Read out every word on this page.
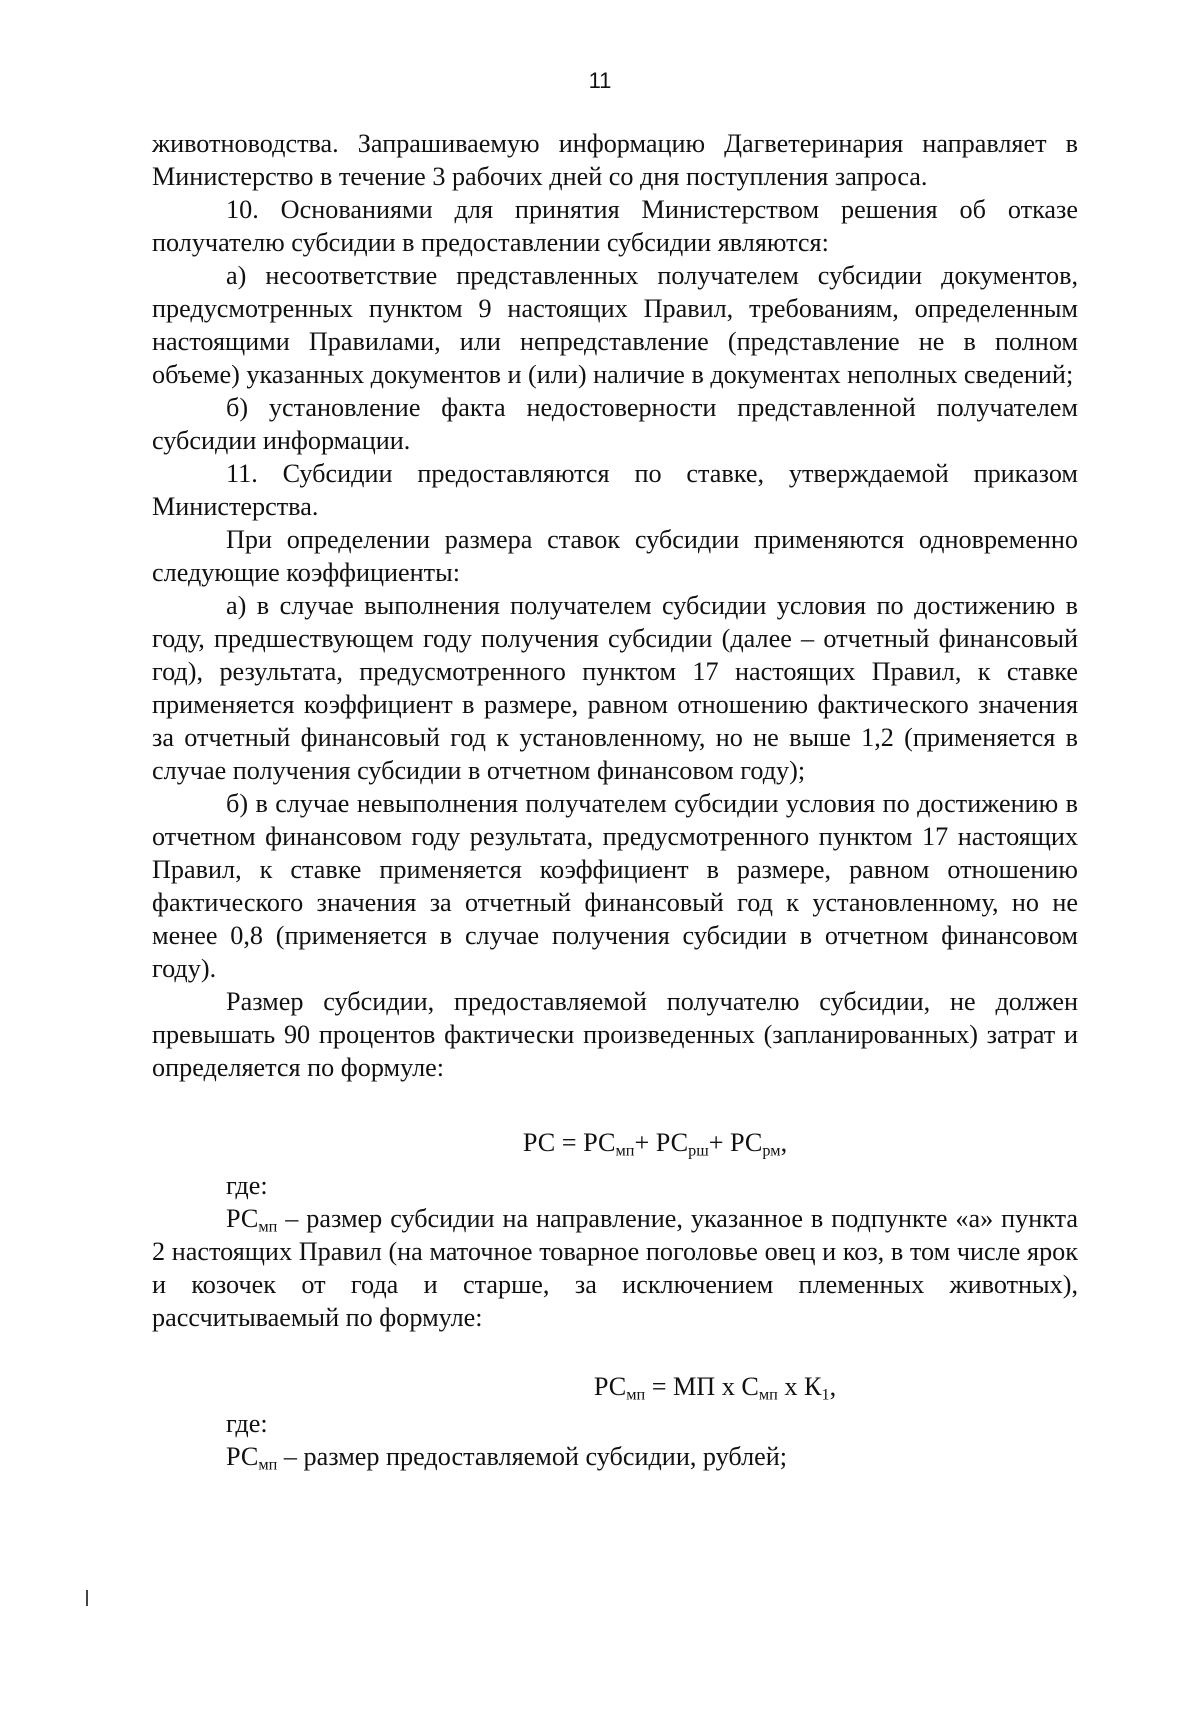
11

животноводства. Запрашиваемую информацию Дагветеринария направляет в Министерство в течение 3 рабочих дней со дня поступления запроса.

10. Основаниями для принятия Министерством решения об отказе получателю субсидии в предоставлении субсидии являются:

а) несоответствие представленных получателем субсидии документов, предусмотренных пунктом 9 настоящих Правил, требованиям, определенным настоящими Правилами, или непредставление (представление не в полном объеме) указанных документов и (или) наличие в документах неполных сведений;

б) установление факта недостоверности представленной получателем субсидии информации.

11. Субсидии предоставляются по ставке, утверждаемой приказом Министерства.

При определении размера ставок субсидии применяются одновременно следующие коэффициенты:

а) в случае выполнения получателем субсидии условия по достижению в году, предшествующем году получения субсидии (далее – отчетный финансовый год), результата, предусмотренного пунктом 17 настоящих Правил, к ставке применяется коэффициент в размере, равном отношению фактического значения за отчетный финансовый год к установленному, но не выше 1,2 (применяется в случае получения субсидии в отчетном финансовом году);

б) в случае невыполнения получателем субсидии условия по достижению в отчетном финансовом году результата, предусмотренного пунктом 17 настоящих Правил, к ставке применяется коэффициент в размере, равном отношению фактического значения за отчетный финансовый год к установленному, но не менее 0,8 (применяется в случае получения субсидии в отчетном финансовом году).

Размер субсидии, предоставляемой получателю субсидии, не должен превышать 90 процентов фактически произведенных (запланированных) затрат и определяется по формуле:

РС = $РС_{мп}+ РС_{рш}+ РС_{рм}$,

где:

$РС_{мп}$ – размер субсидии на направление, указанное в подпункте «а» пункта 2 настоящих Правил (на маточное товарное поголовье овец и коз, в том числе ярок и козочек от года и старше, за исключением племенных животных), рассчитываемый по формуле:

$РС_{мп}$ = МП х $С_{мп}$ х $К_1$,

где:

$РС_{мп}$ – размер предоставляемой субсидии, рублей;
